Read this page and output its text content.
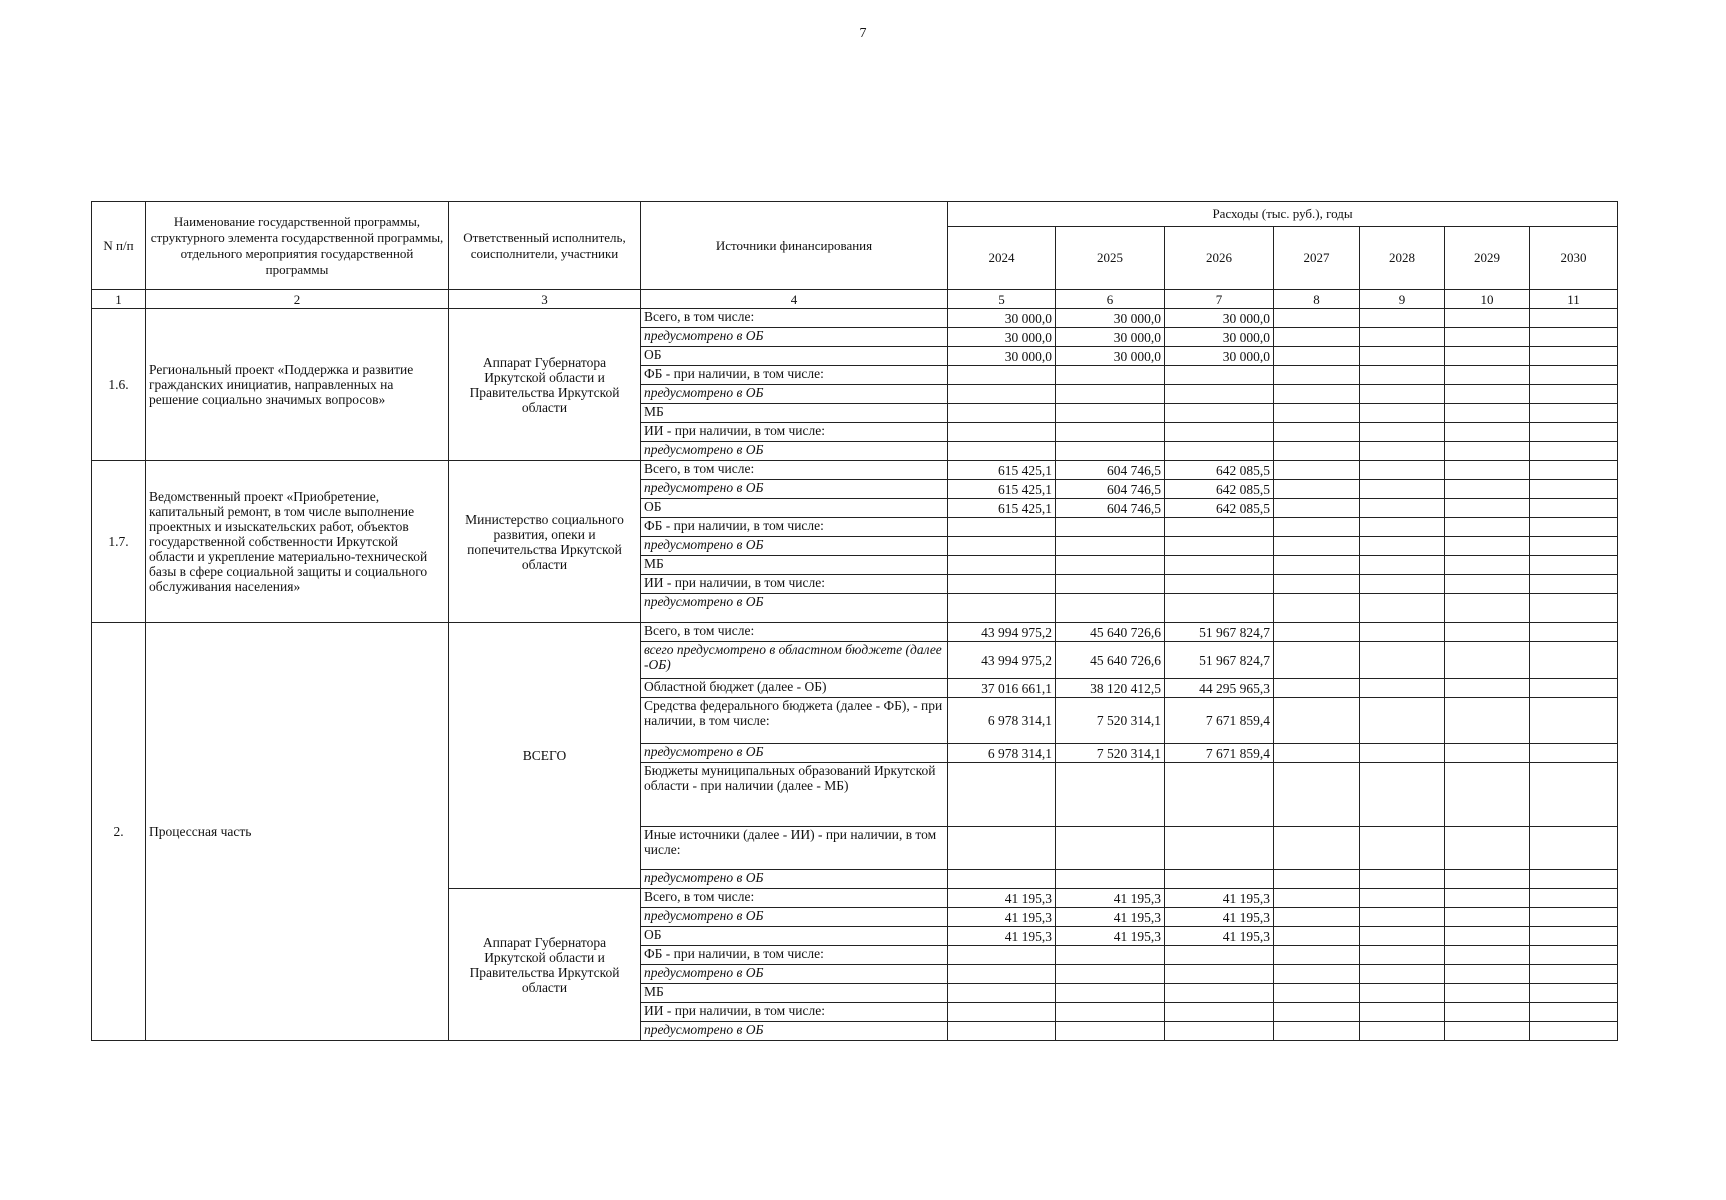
7
N п/п	Наименование государственной программы, структурного элемента государственной программы, отдельного мероприятия государственной программы	Ответственный исполнитель, соисполнители, участники	Источники финансирования	Расходы (тыс. руб.), годы						
				2024	2025	2026	2027	2028	2029	2030
1	2	3	4	5	6	7	8	9	10	11
1.6.	Региональный проект «Поддержка и развитие гражданских инициатив, направленных на решение социально значимых вопросов»	Аппарат Губернатора Иркутской области и Правительства Иркутской области	Всего, в том числе:	30 000,0	30 000,0	30 000,0				
			предусмотрено в ОБ	30 000,0	30 000,0	30 000,0				
			ОБ	30 000,0	30 000,0	30 000,0				
			ФБ - при наличии, в том числе:							
			предусмотрено в ОБ							
			МБ							
			ИИ - при наличии, в том числе:							
			предусмотрено в ОБ							
1.7.	Ведомственный проект «Приобретение, капитальный ремонт, в том числе выполнение проектных и изыскательских работ, объектов государственной собственности Иркутской области и укрепление материально-технической базы в сфере социальной защиты и социального обслуживания населения»	Министерство социального развития, опеки и попечительства Иркутской области	Всего, в том числе:	615 425,1	604 746,5	642 085,5				
			предусмотрено в ОБ	615 425,1	604 746,5	642 085,5				
			ОБ	615 425,1	604 746,5	642 085,5				
			ФБ - при наличии, в том числе:							
			предусмотрено в ОБ							
			МБ							
			ИИ - при наличии, в том числе:							
			предусмотрено в ОБ							
2.	Процессная часть	ВСЕГО	Всего, в том числе:	43 994 975,2	45 640 726,6	51 967 824,7				
			всего предусмотрено в областном бюджете (далее -ОБ)	43 994 975,2	45 640 726,6	51 967 824,7				
			Областной бюджет (далее - ОБ)	37 016 661,1	38 120 412,5	44 295 965,3				
			Средства федерального бюджета (далее - ФБ), - при наличии, в том числе:	6 978 314,1	7 520 314,1	7 671 859,4				
			предусмотрено в ОБ	6 978 314,1	7 520 314,1	7 671 859,4				
			Бюджеты муниципальных образований Иркутской области - при наличии (далее - МБ)							
			Иные источники (далее - ИИ) - при наличии, в том числе:							
			предусмотрено в ОБ							
		Аппарат Губернатора Иркутской области и Правительства Иркутской области	Всего, в том числе:	41 195,3	41 195,3	41 195,3				
			предусмотрено в ОБ	41 195,3	41 195,3	41 195,3				
			ОБ	41 195,3	41 195,3	41 195,3				
			ФБ - при наличии, в том числе:							
			предусмотрено в ОБ							
			МБ							
			ИИ - при наличии, в том числе:							
			предусмотрено в ОБ							
